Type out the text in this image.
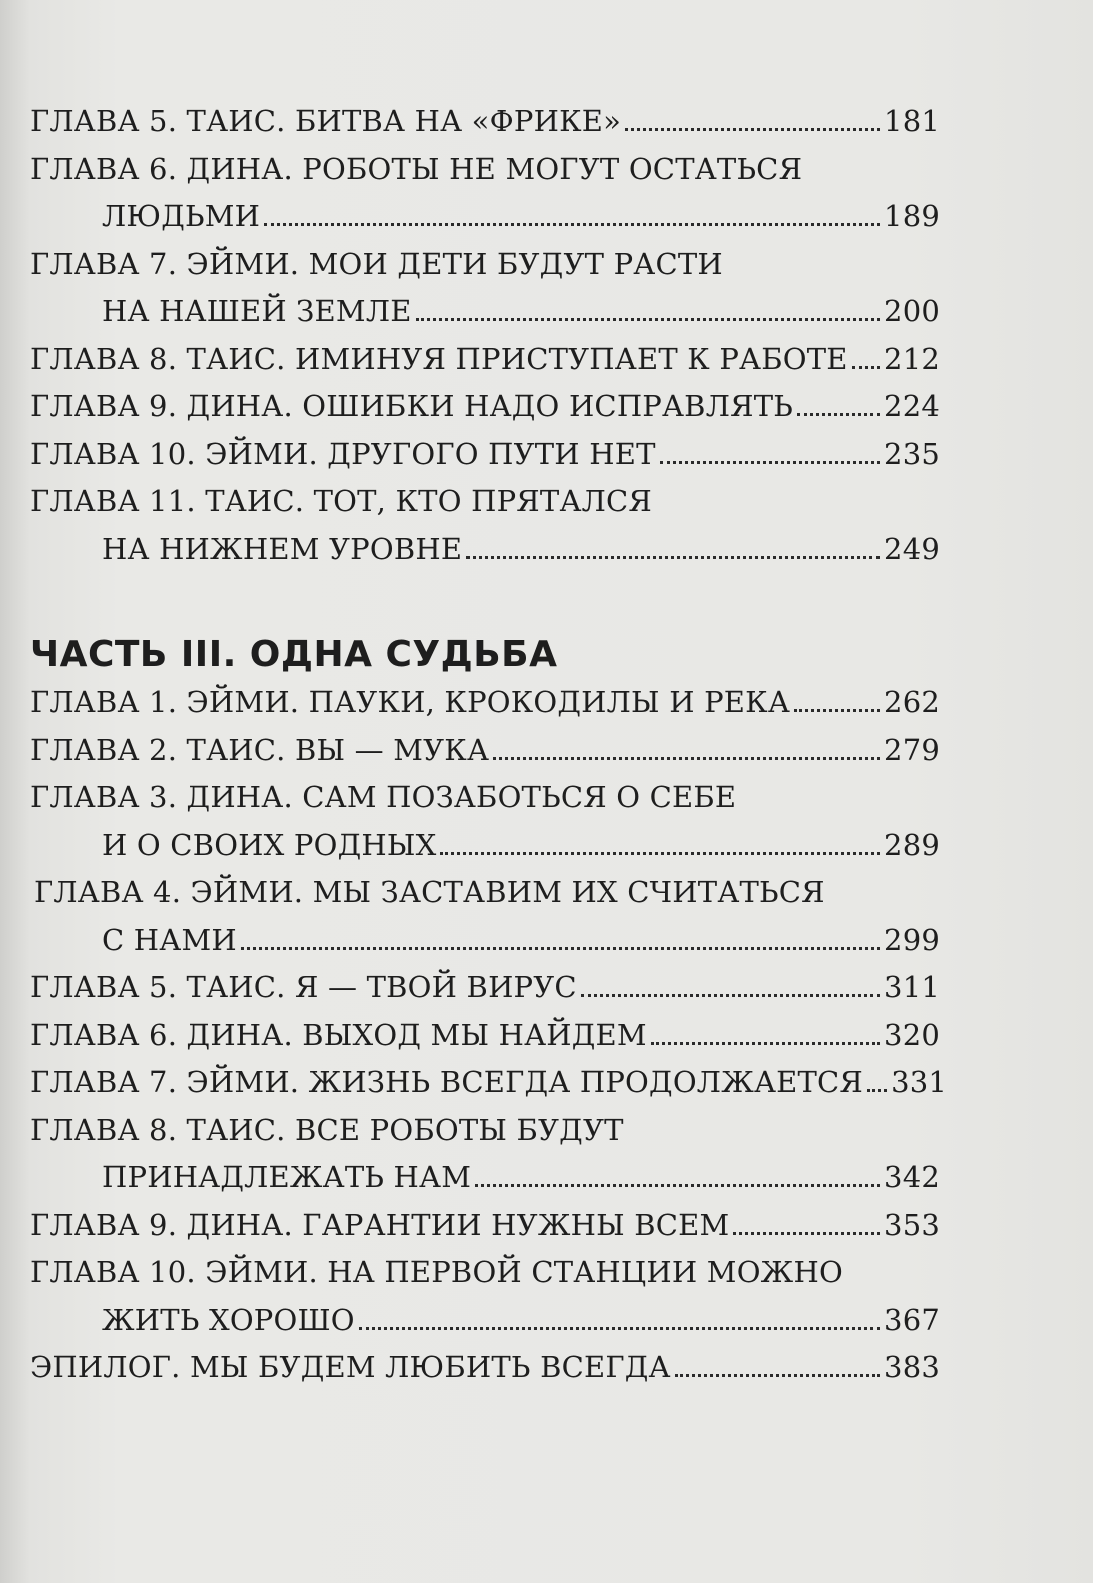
ГЛАВА 5. ТАИС. БИТВА НА «ФРИКЕ»	181
ГЛАВА 6. ДИНА. РОБОТЫ НЕ МОГУТ ОСТАТЬСЯ
ЛЮДЬМИ	189
ГЛАВА 7. ЭЙМИ. МОИ ДЕТИ БУДУТ РАСТИ
НА НАШЕЙ ЗЕМЛЕ	200
ГЛАВА 8. ТАИС. ИМИНУЯ ПРИСТУПАЕТ К РАБОТЕ 212
ГЛАВА 9. ДИНА. ОШИБКИ НАДО ИСПРАВЛЯТЬ	224
ГЛАВА 10. ЭЙМИ. ДРУГОГО ПУТИ НЕТ	235
ГЛАВА 11. ТАИС. ТОТ, КТО ПРЯТАЛСЯ
НА НИЖНЕМ УРОВНЕ	249
ЧАСТЬ III. ОДНА СУДЬБА
ГЛАВА 1. ЭЙМИ. ПАУКИ, КРОКОДИЛЫ И РЕКА	262
ГЛАВА 2. ТАИС. ВЫ — МУКА	279
ГЛАВА 3. ДИНА. САМ ПОЗАБОТЬСЯ О СЕБЕ
И О СВОИХ РОДНЫХ	289
ГЛАВА 4. ЭЙМИ. МЫ ЗАСТАВИМ ИХ СЧИТАТЬСЯ
С НАМИ	299
ГЛАВА 5. ТАИС. Я — ТВОЙ ВИРУС	311
ГЛАВА 6. ДИНА. ВЫХОД МЫ НАЙДЕМ	320
ГЛАВА 7. ЭЙМИ. ЖИЗНЬ ВСЕГДА ПРОДОЛЖАЕТСЯ 331
ГЛАВА 8. ТАИС. ВСЕ РОБОТЫ БУДУТ
ПРИНАДЛЕЖАТЬ НАМ	342
ГЛАВА 9. ДИНА. ГАРАНТИИ НУЖНЫ ВСЕМ	353
ГЛАВА 10. ЭЙМИ. НА ПЕРВОЙ СТАНЦИИ МОЖНО
ЖИТЬ ХОРОШО	367
ЭПИЛОГ. МЫ БУДЕМ ЛЮБИТЬ ВСЕГДА	383
